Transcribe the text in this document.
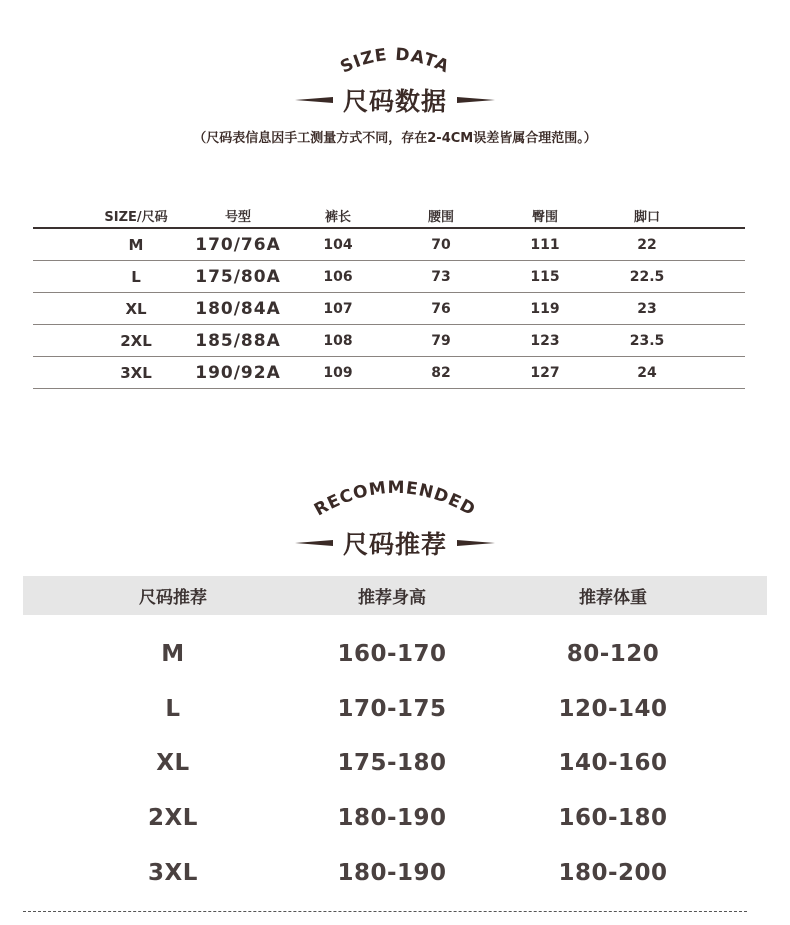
SIZE DATA
尺码数据
（尺码表信息因手工测量方式不同，存在2-4CM误差皆属合理范围。）
SIZE/尺码	号型	裤长	腰围	臀围	脚口
M	170/76A	104	70	111	22
L	175/80A	106	73	115	22.5
XL	180/84A	107	76	119	23
2XL	185/88A	108	79	123	23.5
3XL	190/92A	109	82	127	24
RECOMMENDED
尺码推荐
尺码推荐	推荐身高	推荐体重
M	160-170	80-120
L	170-175	120-140
XL	175-180	140-160
2XL	180-190	160-180
3XL	180-190	180-200
